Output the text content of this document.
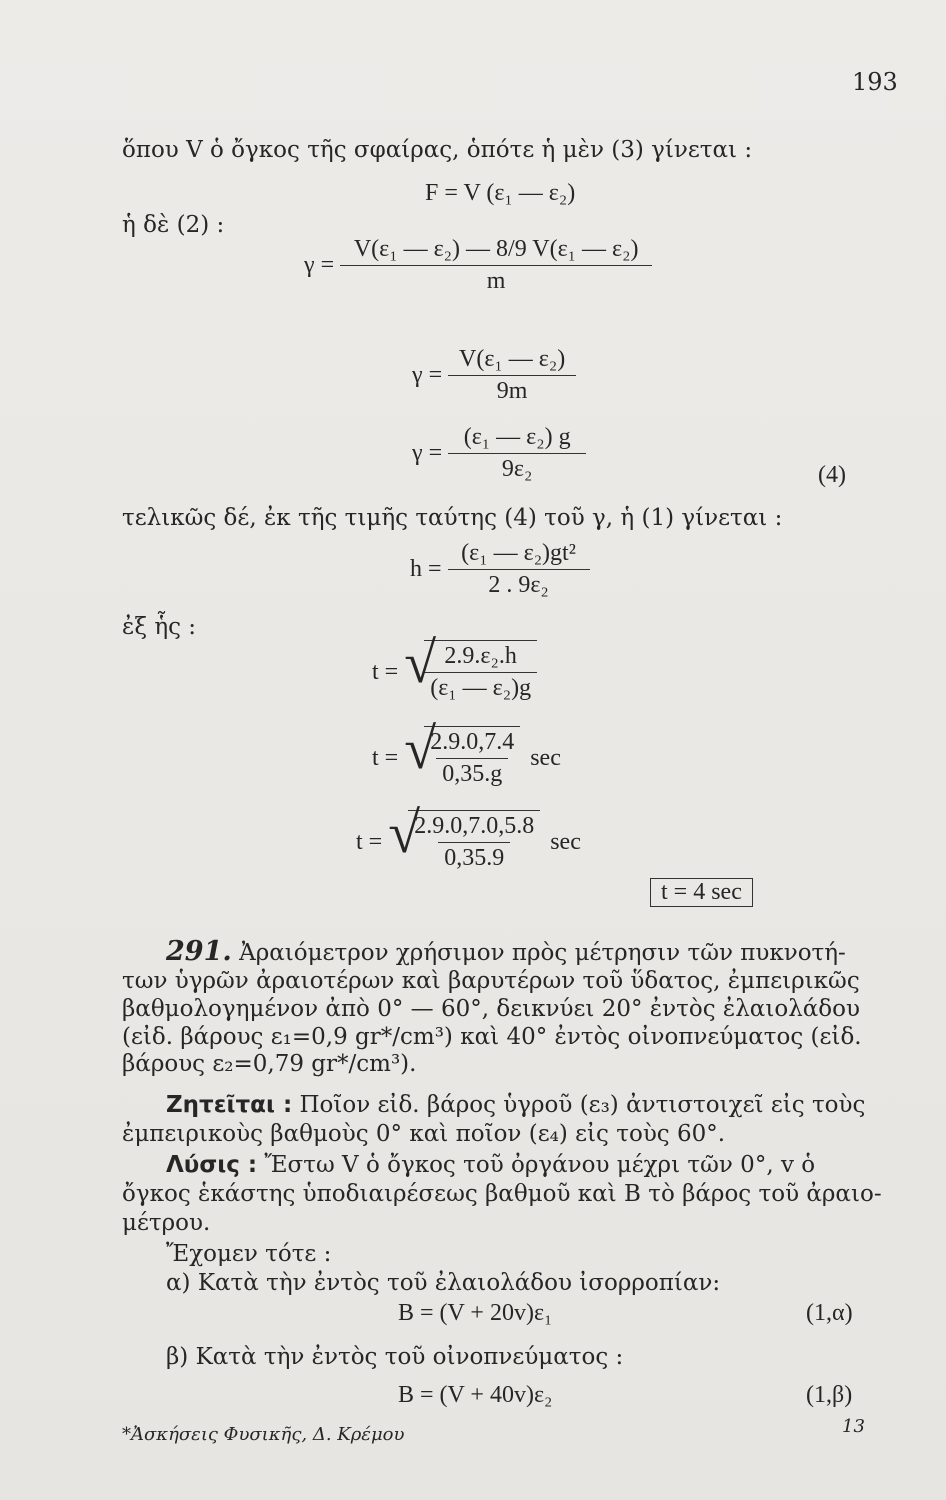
193
ὅπου V ὁ ὄγκος τῆς σφαίρας, ὁπότε ἡ μὲν (3) γίνεται :
F = V (ε₁ — ε₂)
ἡ δὲ (2) :
$\gamma = \frac{\text{V(ε₁ — ε₂) — 8/9 V(ε₁ — ε₂)}}{m}$
$\gamma = \frac{\text{V(ε₁ — ε₂)}}{9m}$
$\gamma = \frac{\text{(ε₁ — ε₂) g}}{\text{9ε₂}}$	(4)
τελικῶς δέ, ἐκ τῆς τιμῆς ταύτης (4) τοῦ γ, ἡ (1) γίνεται :
$h = \frac{\text{(ε₁ — ε₂)gt²}}{\text{2 . 9ε₂}}$
ἐξ ἧς :
t = √
$\frac{\text{2.9.ε₂.h}}{\text{(ε₁ — ε₂)g}}$
t = √
$\frac{2.9.0,7.4}{0,35.g}$ sec
t = √
$\frac{2.9.0,7.0,5.8}{0,35.9}$ sec
t = 4 sec

291. Ἀραιόμετρον χρήσιμον πρὸς μέτρησιν τῶν πυκνοτή-

των ὑγρῶν ἀραιοτέρων καὶ βαρυτέρων τοῦ ὕδατος, ἐμπειρικῶς

βαθμολογημένον ἀπὸ 0° — 60°, δεικνύει 20° ἐντὸς ἐλαιολάδου

(εἰδ. βάρους ε₁=0,9 gr*/cm³) καὶ 40° ἐντὸς οἰνοπνεύματος (εἰδ.

βάρους ε₂=0,79 gr*/cm³).

Ζητεῖται : Ποῖον εἰδ. βάρος ὑγροῦ (ε₃) ἀντιστοιχεῖ εἰς τοὺς
ἐμπειρικοὺς βαθμοὺς 0° καὶ ποῖον (ε₄) εἰς τοὺς 60°.
Λύσις : Ἔστω V ὁ ὄγκος τοῦ ὀργάνου μέχρι τῶν 0°, v ὁ
ὄγκος ἑκάστης ὑποδιαιρέσεως βαθμοῦ καὶ B τὸ βάρος τοῦ ἀραιο-
μέτρου.
Ἔχομεν τότε :
α) Κατὰ τὴν ἐντὸς τοῦ ἐλαιολάδου ἰσορροπίαν:
B = (V + 20v)ε₁	(1,α)
β) Κατὰ τὴν ἐντὸς τοῦ οἰνοπνεύματος :
B = (V + 40v)ε₂	(1,β)
*Ἀσκήσεις Φυσικῆς, Δ. Κρέμου	13
